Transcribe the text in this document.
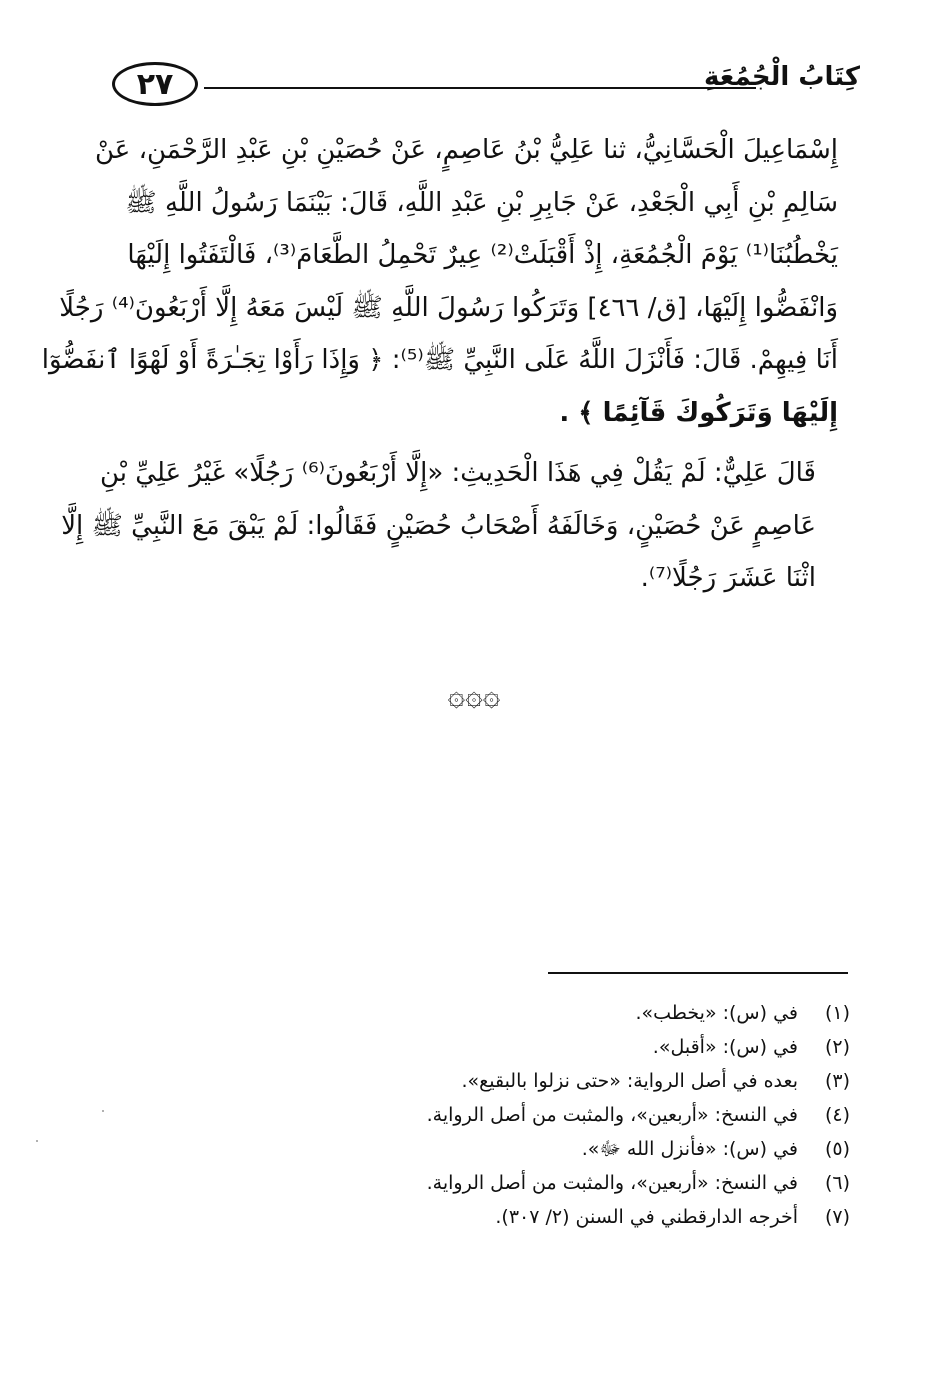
٢٧	كِتَابُ الْجُمُعَةِ

إِسْمَاعِيلَ الْحَسَّانِيُّ، ثنا عَلِيُّ بْنُ عَاصِمٍ، عَنْ حُصَيْنِ بْنِ عَبْدِ الرَّحْمَنِ، عَنْ
سَالِمِ بْنِ أَبِي الْجَعْدِ، عَنْ جَابِرِ بْنِ عَبْدِ اللَّهِ، قَالَ: بَيْنَمَا رَسُولُ اللَّهِ ﷺ
يَخْطُبُنَا⁽¹⁾ يَوْمَ الْجُمُعَةِ، إِذْ أَقْبَلَتْ⁽²⁾ عِيرٌ تَحْمِلُ الطَّعَامَ⁽³⁾، فَالْتَفَتُوا إِلَيْهَا
وَانْفَضُّوا إِلَيْهَا، [ق/ ٤٦٦] وَتَرَكُوا رَسُولَ اللَّهِ ﷺ لَيْسَ مَعَهُ إِلَّا أَرْبَعُونَ⁽⁴⁾ رَجُلًا
أَنَا فِيهِمْ. قَالَ: فَأَنْزَلَ اللَّهُ عَلَى النَّبِيِّ ﷺ⁽⁵⁾: ﴿ وَإِذَا رَأَوْا تِجَـٰرَةً أَوْ لَهْوًا ٱنفَضُّوٓا
إِلَيْهَا وَتَرَكُوكَ قَآئِمًا ﴾ .

قَالَ عَلِيٌّ: لَمْ يَقُلْ فِي هَذَا الْحَدِيثِ: «إِلَّا أَرْبَعُونَ⁽⁶⁾ رَجُلًا» غَيْرُ عَلِيِّ بْنِ
عَاصِمٍ عَنْ حُصَيْنٍ، وَخَالَفَهُ أَصْحَابُ حُصَيْنٍ فَقَالُوا: لَمْ يَبْقَ مَعَ النَّبِيِّ ﷺ إِلَّا
اثْنَا عَشَرَ رَجُلًا⁽⁷⁾.

۞۞۞
(١)
في (س): «يخطب».
(٢)
في (س): «أقبل».
(٣)
بعده في أصل الرواية: «حتى نزلوا بالبقيع».
(٤)
في النسخ: «أربعين»، والمثبت من أصل الرواية.
(٥)
في (س): «فأنزل الله ﷻ».
(٦)
في النسخ: «أربعين»، والمثبت من أصل الرواية.
(٧)
أخرجه الدارقطني في السنن (٢/ ٣٠٧).
